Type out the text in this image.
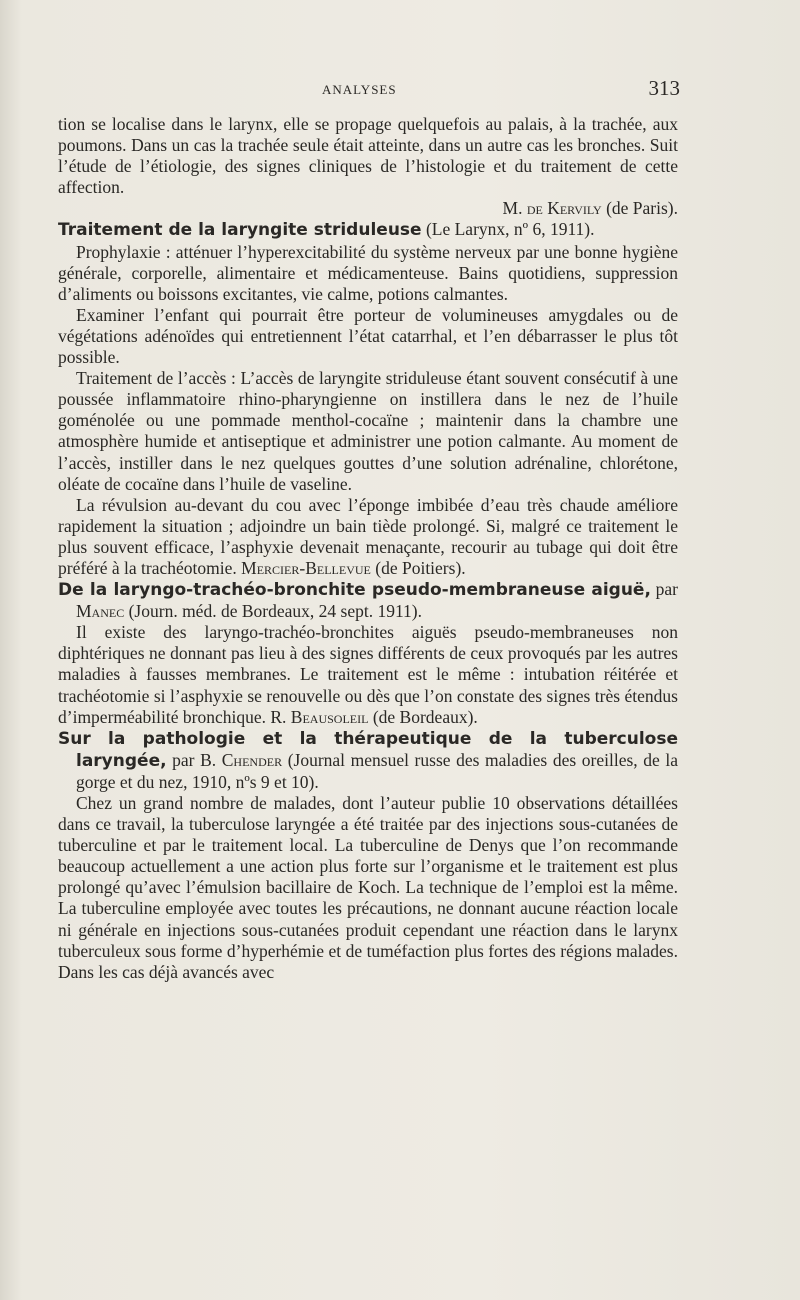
ANALYSES	313

tion se localise dans le larynx, elle se propage quelquefois au palais, à la trachée, aux poumons. Dans un cas la trachée seule était atteinte, dans un autre cas les bronches. Suit l’étude de l’étiologie, des signes cliniques de l’histologie et du traitement de cette affection.

M. de Kervily (de Paris).

Traitement de la laryngite striduleuse (Le Larynx, nº 6, 1911).

Prophylaxie : atténuer l’hyperexcitabilité du système nerveux par une bonne hygiène générale, corporelle, alimentaire et médicamenteuse. Bains quotidiens, suppression d’aliments ou boissons excitantes, vie calme, potions calmantes.

Examiner l’enfant qui pourrait être porteur de volumineuses amygdales ou de végétations adénoïdes qui entretiennent l’état catarrhal, et l’en débarrasser le plus tôt possible.

Traitement de l’accès : L’accès de laryngite striduleuse étant souvent consécutif à une poussée inflammatoire rhino-pharyngienne on instillera dans le nez de l’huile goménolée ou une pommade menthol-cocaïne ; maintenir dans la chambre une atmosphère humide et antiseptique et administrer une potion calmante. Au moment de l’accès, instiller dans le nez quelques gouttes d’une solution adrénaline, chlorétone, oléate de cocaïne dans l’huile de vaseline.

La révulsion au-devant du cou avec l’éponge imbibée d’eau très chaude améliore rapidement la situation ; adjoindre un bain tiède prolongé. Si, malgré ce traitement le plus souvent efficace, l’asphyxie devenait menaçante, recourir au tubage qui doit être préféré à la trachéotomie. Mercier-Bellevue (de Poitiers).

De la laryngo-trachéo-bronchite pseudo-membraneuse aiguë, par Manec (Journ. méd. de Bordeaux, 24 sept. 1911).

Il existe des laryngo-trachéo-bronchites aiguës pseudo-membraneuses non diphtériques ne donnant pas lieu à des signes différents de ceux provoqués par les autres maladies à fausses membranes. Le traitement est le même : intubation réitérée et trachéotomie si l’asphyxie se renouvelle ou dès que l’on constate des signes très étendus d’imperméabilité bronchique. R. Beausoleil (de Bordeaux).

Sur la pathologie et la thérapeutique de la tuberculose laryngée, par B. Chender (Journal mensuel russe des maladies des oreilles, de la gorge et du nez, 1910, nºs 9 et 10).

Chez un grand nombre de malades, dont l’auteur publie 10 observations détaillées dans ce travail, la tuberculose laryngée a été traitée par des injections sous-cutanées de tuberculine et par le traitement local. La tuberculine de Denys que l’on recommande beaucoup actuellement a une action plus forte sur l’organisme et le traitement est plus prolongé qu’avec l’émulsion bacillaire de Koch. La technique de l’emploi est la même. La tuberculine employée avec toutes les précautions, ne donnant aucune réaction locale ni générale en injections sous-cutanées produit cependant une réaction dans le larynx tuberculeux sous forme d’hyperhémie et de tuméfaction plus fortes des régions malades. Dans les cas déjà avancés avec
